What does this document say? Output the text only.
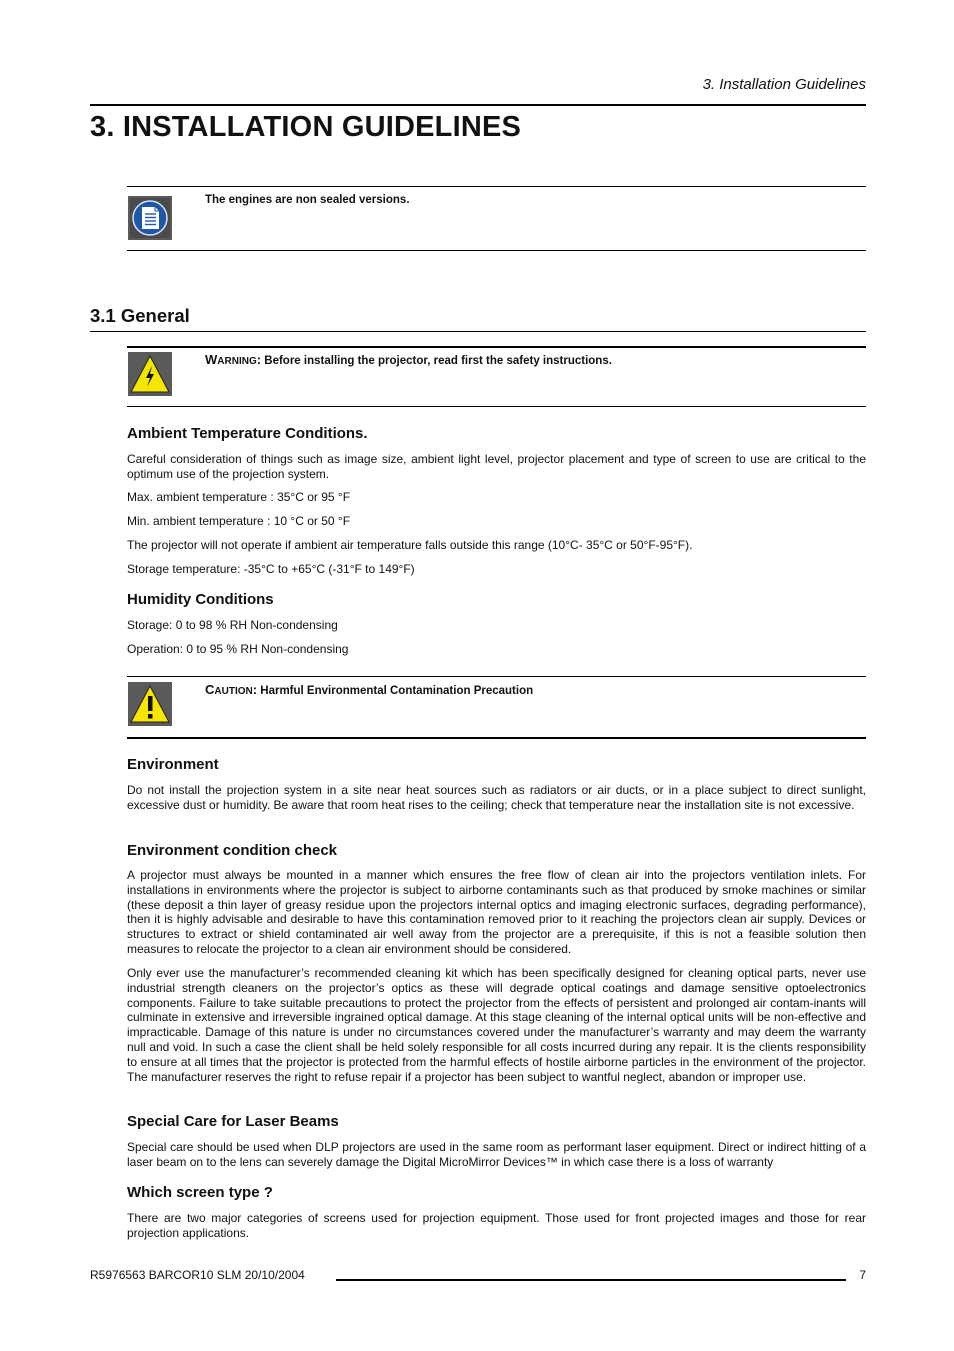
3. Installation Guidelines
3. INSTALLATION GUIDELINES
The engines are non sealed versions.
3.1 General
WARNING: Before installing the projector, read first the safety instructions.
Ambient Temperature Conditions.
Careful consideration of things such as image size, ambient light level, projector placement and type of screen to use are critical to the optimum use of the projection system.
Max. ambient temperature : 35°C or 95 °F
Min. ambient temperature : 10 °C or 50 °F
The projector will not operate if ambient air temperature falls outside this range (10°C- 35°C or 50°F-95°F).
Storage temperature: -35°C to +65°C (-31°F to 149°F)
Humidity Conditions
Storage: 0 to 98 % RH Non-condensing
Operation: 0 to 95 % RH Non-condensing
CAUTION: Harmful Environmental Contamination Precaution
Environment
Do not install the projection system in a site near heat sources such as radiators or air ducts, or in a place subject to direct sunlight, excessive dust or humidity. Be aware that room heat rises to the ceiling; check that temperature near the installation site is not excessive.
Environment condition check
A projector must always be mounted in a manner which ensures the free flow of clean air into the projectors ventilation inlets. For installations in environments where the projector is subject to airborne contaminants such as that produced by smoke machines or similar (these deposit a thin layer of greasy residue upon the projectors internal optics and imaging electronic surfaces, degrading performance), then it is highly advisable and desirable to have this contamination removed prior to it reaching the projectors clean air supply. Devices or structures to extract or shield contaminated air well away from the projector are a prerequisite, if this is not a feasible solution then measures to relocate the projector to a clean air environment should be considered.
Only ever use the manufacturer’s recommended cleaning kit which has been specifically designed for cleaning optical parts, never use industrial strength cleaners on the projector’s optics as these will degrade optical coatings and damage sensitive optoelectronics components. Failure to take suitable precautions to protect the projector from the effects of persistent and prolonged air contam-inants will culminate in extensive and irreversible ingrained optical damage. At this stage cleaning of the internal optical units will be non-effective and impracticable. Damage of this nature is under no circumstances covered under the manufacturer’s warranty and may deem the warranty null and void. In such a case the client shall be held solely responsible for all costs incurred during any repair. It is the clients responsibility to ensure at all times that the projector is protected from the harmful effects of hostile airborne particles in the environment of the projector. The manufacturer reserves the right to refuse repair if a projector has been subject to wantful neglect, abandon or improper use.
Special Care for Laser Beams
Special care should be used when DLP projectors are used in the same room as performant laser equipment. Direct or indirect hitting of a laser beam on to the lens can severely damage the Digital MicroMirror Devices™ in which case there is a loss of warranty
Which screen type ?
There are two major categories of screens used for projection equipment. Those used for front projected images and those for rear projection applications.
R5976563 BARCOR10 SLM 20/10/2004	7
